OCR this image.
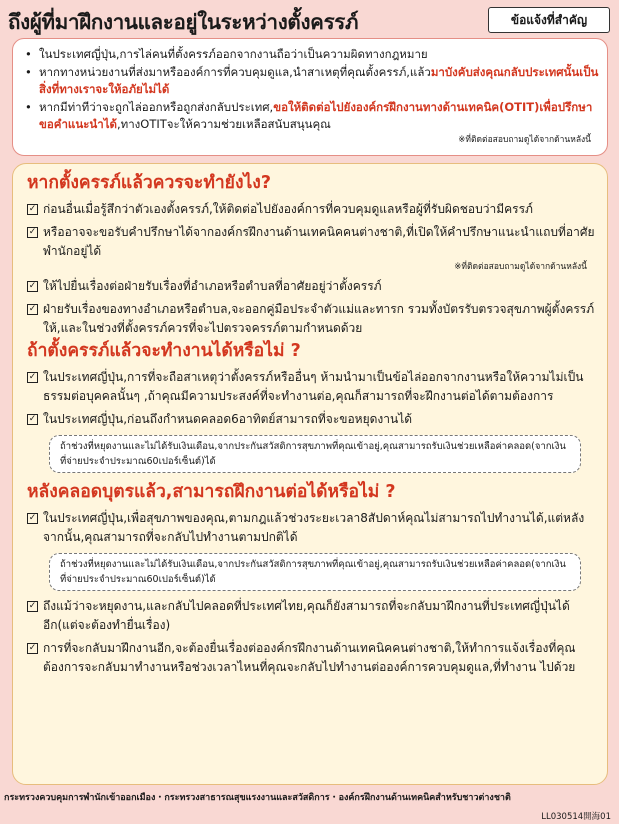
ถึงผู้ที่มาฝึกงานและอยู่ในระหว่างตั้งครรภ์	ข้อแจ้งที่สำคัญ
• ในประเทศญี่ปุ่น,การไล่คนที่ตั้งครรภ์ออกจากงานถือว่าเป็นความผิดทางกฎหมาย
• หากทางหน่วยงานที่ส่งมาหรือองค์การที่ควบคุมดูแล,นำสาเหตุที่คุณตั้งครรภ์,แล้วมาบังคับส่งคุณกลับประเทศนั้นเป็นสิ่งที่ทางเราจะให้อภัยไม่ได้
• หากมีท่าทีว่าจะถูกไล่ออกหรือถูกส่งกลับประเทศ,ขอให้ติดต่อไปยังองค์กรฝึกงานทางด้านเทคนิค(OTIT)เพื่อปรึกษาขอคำแนะนำได้,ทางOTITจะให้ความช่วยเหลือสนับสนุนคุณ
※ที่ติดต่อสอบถามดูได้จากด้านหลังนี้
หากตั้งครรภ์แล้วควรจะทำยังไง?
✓ ก่อนอื่นเมื่อรู้สึกว่าตัวเองตั้งครรภ์,ให้ติดต่อไปยังองค์การที่ควบคุมดูแลหรือผู้ที่รับผิดชอบว่ามีครรภ์
✓ หรืออาจจะขอรับคำปรึกษาได้จากองค์กรฝึกงานด้านเทคนิคคนต่างชาติ,ที่เปิดให้คำปรึกษาแนะนำแถบที่อาศัยพำนักอยู่ได้
※ที่ติดต่อสอบถามดูได้จากด้านหลังนี้
✓ ให้ไปยื่นเรื่องต่อฝ่ายรับเรื่องที่อำเภอหรือตำบลที่อาศัยอยู่ว่าตั้งครรภ์
✓ ฝ่ายรับเรื่องของทางอำเภอหรือตำบล,จะออกคู่มือประจำตัวแม่และทารก รวมทั้งบัตรรับตรวจสุขภาพผู้ตั้งครรภ์ให้,และในช่วงที่ตั้งครรภ์ควรที่จะไปตรวจครรภ์ตามกำหนดด้วย
ถ้าตั้งครรภ์แล้วจะทำงานได้หรือไม่ ?
✓ ในประเทศญี่ปุ่น,การที่จะถือสาเหตุว่าตั้งครรภ์หรืออื่นๆ ห้ามนำมาเป็นข้อไล่ออกจากงานหรือให้ความไม่เป็นธรรมต่อบุคคลนั้นๆ ,ถ้าคุณมีความประสงค์ที่จะทำงานต่อ,คุณก็สามารถที่จะฝึกงานต่อได้ตามต้องการ
✓ ในประเทศญี่ปุ่น,ก่อนถึงกำหนดคลอด6อาทิตย์สามารถที่จะขอหยุดงานได้
ถ้าช่วงที่หยุดงานและไม่ได้รับเงินเดือน,จากประกันสวัสดิการสุขภาพที่คุณเข้าอยู่,คุณสามารถรับเงินช่วยเหลือค่าคลอด(จากเงินที่จ่ายประจำประมาณ60เปอร์เซ็นต์)ได้
หลังคลอดบุตรแล้ว,สามารถฝึกงานต่อได้หรือไม่ ?
✓ ในประเทศญี่ปุ่น,เพื่อสุขภาพของคุณ,ตามกฎแล้วช่วงระยะเวลา8สัปดาห์คุณไม่สามารถไปทำงานได้,แต่หลังจากนั้น,คุณสามารถที่จะกลับไปทำงานตามปกติได้
ถ้าช่วงที่หยุดงานและไม่ได้รับเงินเดือน,จากประกันสวัสดิการสุขภาพที่คุณเข้าอยู่,คุณสามารถรับเงินช่วยเหลือค่าคลอด(จากเงินที่จ่ายประจำประมาณ60เปอร์เซ็นต์)ได้
✓ ถึงแม้ว่าจะหยุดงาน,และกลับไปคลอดที่ประเทศไทย,คุณก็ยังสามารถที่จะกลับมาฝึกงานที่ประเทศญี่ปุ่นได้อีก(แต่จะต้องทำยื่นเรื่อง)
✓ การที่จะกลับมาฝึกงานอีก,จะต้องยื่นเรื่องต่อองค์กรฝึกงานด้านเทคนิคคนต่างชาติ,ให้ทำการแจ้งเรื่องที่คุณต้องการจะกลับมาทำงานหรือช่วงเวลาไหนที่คุณจะกลับไปทำงานต่อองค์การควบคุมดูแล,ที่ทำงาน ไปด้วย
กระทรวงควบคุมการพำนักเข้าออกเมือง・กระทรวงสาธารณสุขแรงงานและสวัสดิการ・องค์กรฝึกงานด้านเทคนิคสำหรับชาวต่างชาติ
LL030514開海01
